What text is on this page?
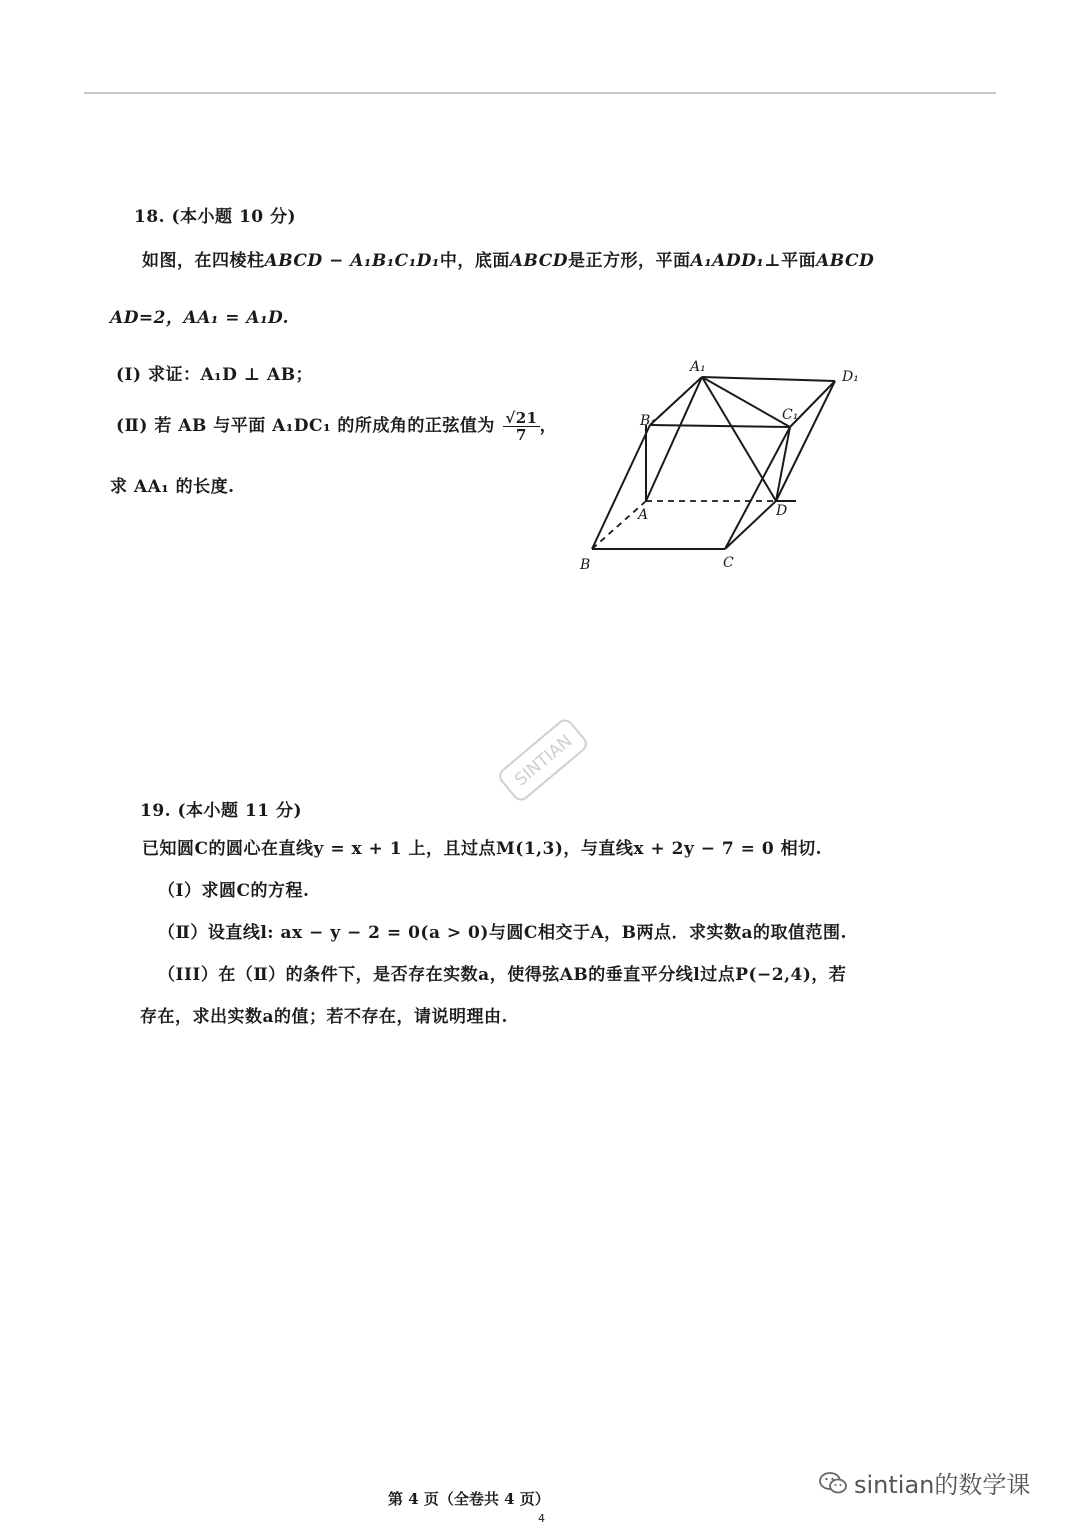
18. (本小题 10 分)
如图，在四棱柱ABCD − A₁B₁C₁D₁中，底面ABCD是正方形，平面A₁ADD₁⊥平面ABCD
AD=2，AA₁ = A₁D.
(Ⅰ) 求证：A₁D ⊥ AB；
(Ⅱ) 若 AB 与平面 A₁DC₁ 的所成角的正弦值为 $\frac{√21}{7}$ ，
求 AA₁ 的长度.
A₁
D₁
B₁	C₁
A	D
B	C
SINTIAN
19. (本小题 11 分)
已知圆C的圆心在直线y = x + 1 上，且过点M(1,3)，与直线x + 2y − 7 = 0 相切.
（Ⅰ）求圆C的方程.
（Ⅱ）设直线l: ax − y − 2 = 0(a > 0)与圆C相交于A，B两点．求实数a的取值范围.
（III）在（Ⅱ）的条件下，是否存在实数a，使得弦AB的垂直平分线l过点P(−2,4)，若
存在，求出实数a的值；若不存在，请说明理由.
第 4 页（全卷共 4 页）
4
sintian的数学课
